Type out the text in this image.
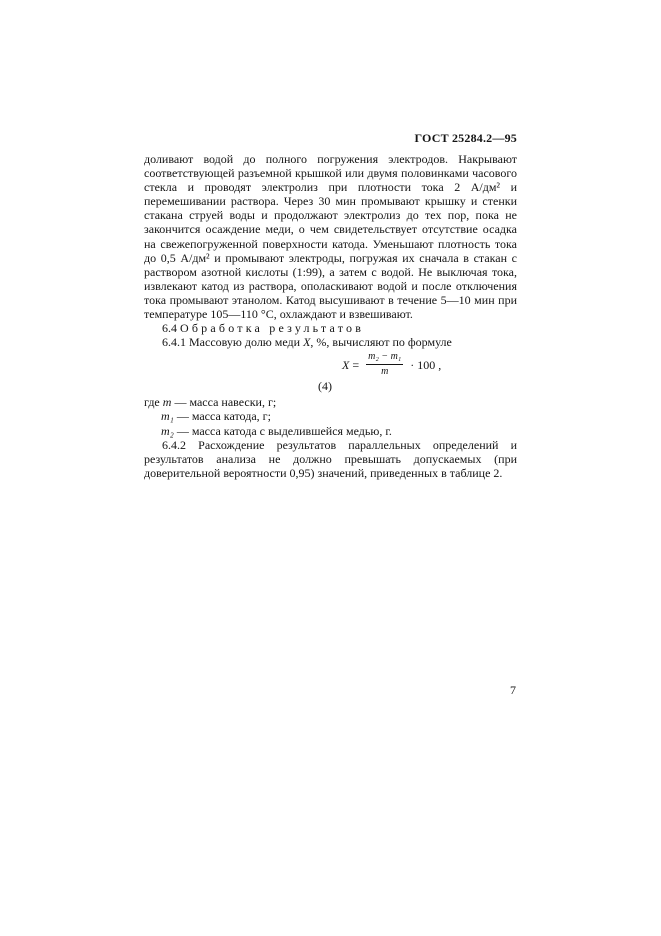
ГОСТ 25284.2—95

доливают водой до полного погружения электродов. Накрывают соответствующей разъемной крышкой или двумя половинками часового стекла и проводят электролиз при плотности тока 2 А/дм² и перемешивании раствора. Через 30 мин промывают крышку и стенки стакана струей воды и продолжают электролиз до тех пор, пока не закончится осаждение меди, о чем свидетельствует отсутствие осадка на свежепогруженной поверхности катода. Уменьшают плотность тока до 0,5 А/дм² и промывают электроды, погружая их сначала в стакан с раствором азотной кислоты (1:99), а затем с водой. Не выключая тока, извлекают катод из раствора, ополаскивают водой и после отключения тока промывают этанолом. Катод высушивают в течение 5—10 мин при температуре 105—110 °С, охлаждают и взвешивают.

6.4 Обработка результатов

6.4.1 Массовую долю меди X, %, вычисляют по формуле

$X = \frac{\text{m₂ − m₁}}{m} \cdot 100$ ,
(4)

где m — масса навески, г;

m₁ — масса катода, г;

m₂ — масса катода с выделившейся медью, г.

6.4.2 Расхождение результатов параллельных определений и результатов анализа не должно превышать допускаемых (при доверительной вероятности 0,95) значений, приведенных в таблице 2.

7
